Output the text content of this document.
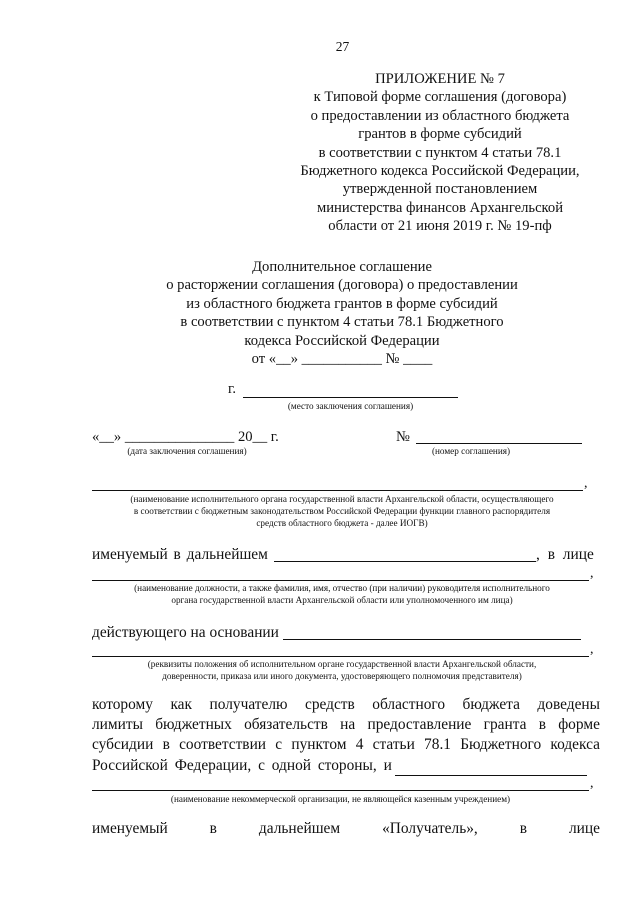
27
ПРИЛОЖЕНИЕ № 7
к Типовой форме соглашения (договора)
о предоставлении из областного бюджета
грантов в форме субсидий
в соответствии с пунктом 4 статьи 78.1
Бюджетного кодекса Российской Федерации,
утвержденной постановлением
министерства финансов Архангельской
области от 21 июня 2019 г. № 19-пф
Дополнительное соглашение
о расторжении соглашения (договора) о предоставлении
из областного бюджета грантов в форме субсидий
в соответствии с пунктом 4 статьи 78.1 Бюджетного
кодекса Российской Федерации
от «__» ___________ № ____
г.
(место заключения соглашения)
«__» _______________ 20__ г.
(дата заключения соглашения)
№
(номер соглашения)
,
(наименование исполнительного органа государственной власти Архангельской области, осуществляющего
в соответствии с бюджетным законодательством Российской Федерации функции главного распорядителя
средств областного бюджета - далее ИОГВ)
именуемый в дальнейшем	, в лице
,
(наименование должности, а также фамилия, имя, отчество (при наличии) руководителя исполнительного
органа государственной власти Архангельской области или уполномоченного им лица)
действующего на основании
,
(реквизиты положения об исполнительном органе государственной власти Архангельской области,
доверенности, приказа или иного документа, удостоверяющего полномочия представителя)
которому как получателю средств областного бюджета доведены
лимиты бюджетных обязательств на предоставление гранта в форме
субсидии в соответствии с пунктом 4 статьи 78.1 Бюджетного кодекса
Российской Федерации, с одной стороны, и
,
(наименование некоммерческой организации, не являющейся казенным учреждением)
именуемый	в	дальнейшем	«Получатель»,	в	лице
